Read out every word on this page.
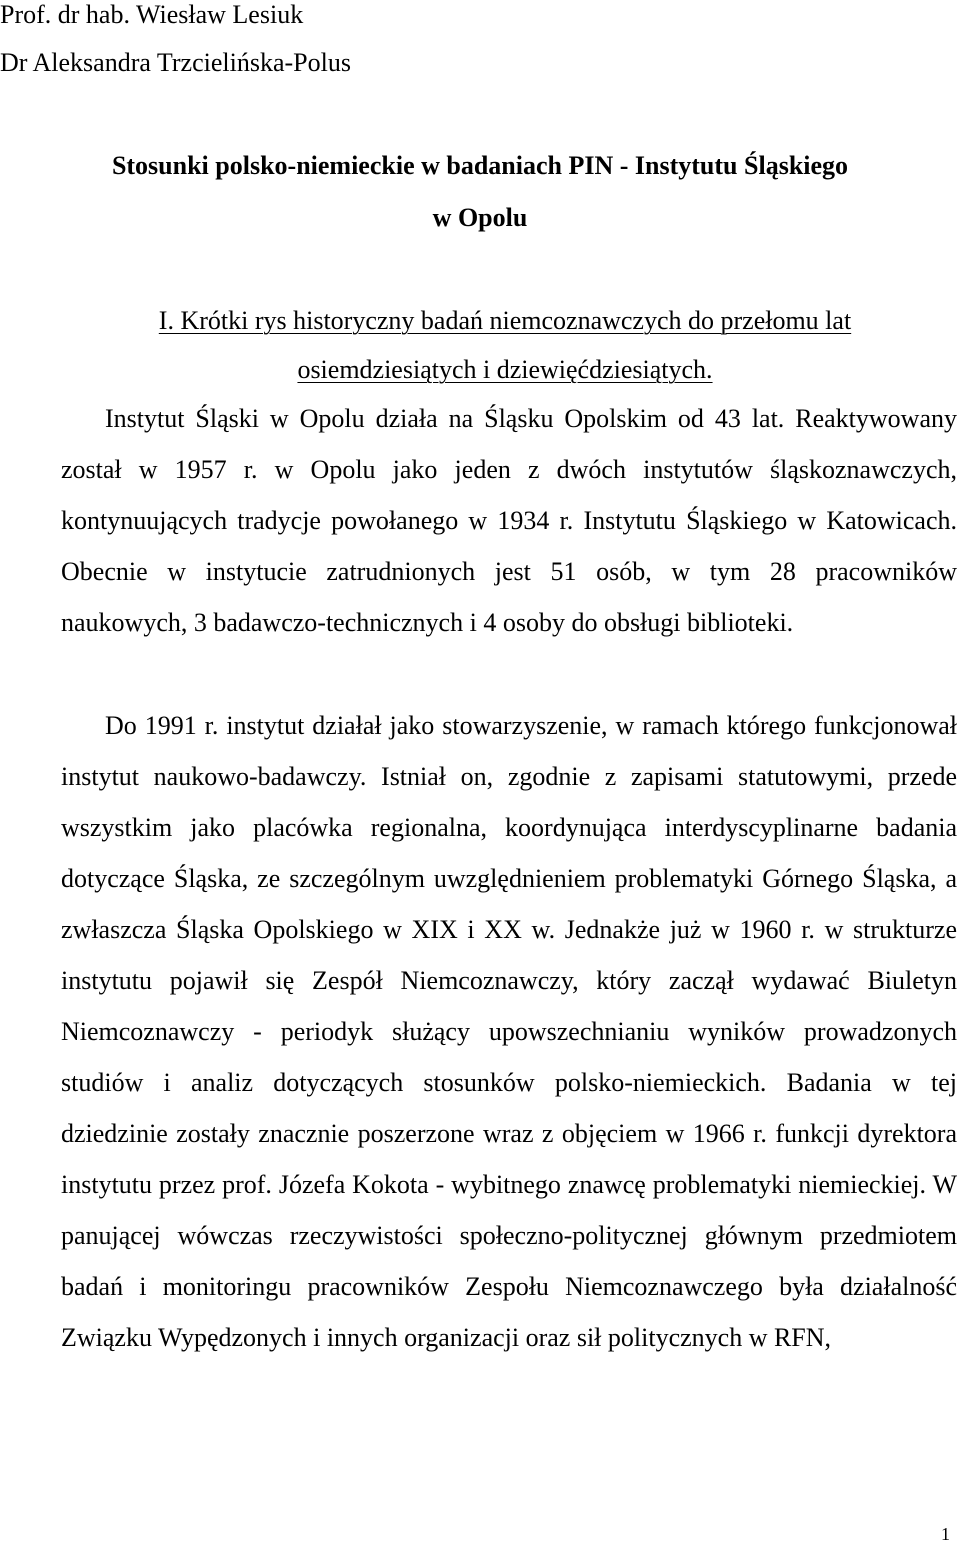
Prof. dr hab. Wiesław Lesiuk
Dr Aleksandra Trzcielińska-Polus
Stosunki polsko-niemieckie w badaniach PIN - Instytutu Śląskiego
w Opolu
I. Krótki rys historyczny badań niemcoznawczych do przełomu lat
osiemdziesiątych i dziewięćdziesiątych.

Instytut Śląski w Opolu działa na Śląsku Opolskim od 43 lat. Reaktywowany został w 1957 r. w Opolu jako jeden z dwóch instytutów śląskoznawczych, kontynuujących tradycje powołanego w 1934 r. Instytutu Śląskiego w Katowicach. Obecnie w instytucie zatrudnionych jest 51 osób, w tym 28 pracowników naukowych, 3 badawczo-technicznych i 4 osoby do obsługi biblioteki.

Do 1991 r. instytut działał jako stowarzyszenie, w ramach którego funkcjonował instytut naukowo-badawczy. Istniał on, zgodnie z zapisami statutowymi, przede wszystkim jako placówka regionalna, koordynująca interdyscyplinarne badania dotyczące Śląska, ze szczególnym uwzględnieniem problematyki Górnego Śląska, a zwłaszcza Śląska Opolskiego w XIX i XX w. Jednakże już w 1960 r. w strukturze instytutu pojawił się Zespół Niemcoznawczy, który zaczął wydawać Biuletyn Niemcoznawczy - periodyk służący upowszechnianiu wyników prowadzonych studiów i analiz dotyczących stosunków polsko-niemieckich. Badania w tej dziedzinie zostały znacznie poszerzone wraz z objęciem w 1966 r. funkcji dyrektora instytutu przez prof. Józefa Kokota - wybitnego znawcę problematyki niemieckiej. W panującej wówczas rzeczywistości społeczno-politycznej głównym przedmiotem badań i monitoringu pracowników Zespołu Niemcoznawczego była działalność Związku Wypędzonych i innych organizacji oraz sił politycznych w RFN,

1
